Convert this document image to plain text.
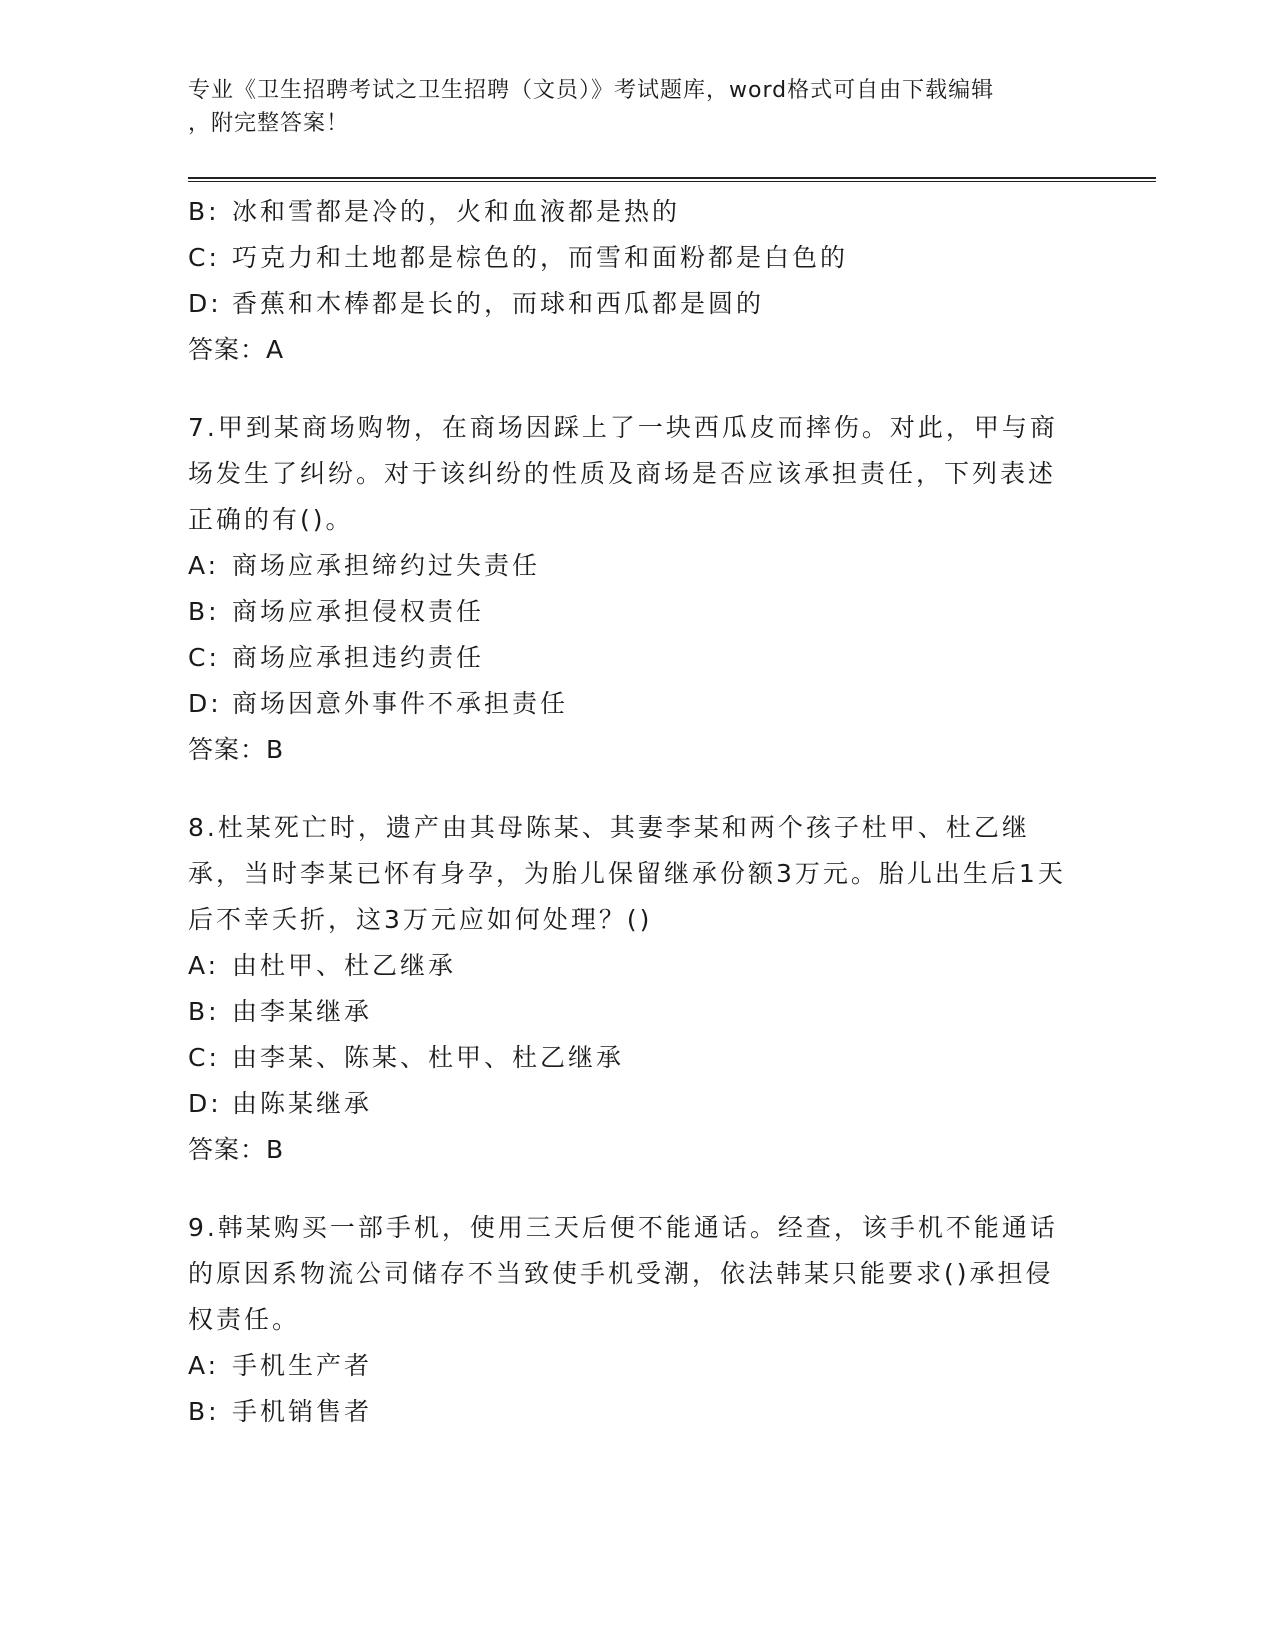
专业《卫生招聘考试之卫生招聘（文员）》考试题库，word格式可自由下载编辑
，附完整答案！
B: 冰和雪都是冷的，火和血液都是热的
C: 巧克力和土地都是棕色的，而雪和面粉都是白色的
D: 香蕉和木棒都是长的，而球和西瓜都是圆的
答案：A
7.甲到某商场购物，在商场因踩上了一块西瓜皮而摔伤。对此，甲与商场发生了纠纷。对于该纠纷的性质及商场是否应该承担责任，下列表述正确的有()。
A: 商场应承担缔约过失责任
B: 商场应承担侵权责任
C: 商场应承担违约责任
D: 商场因意外事件不承担责任
答案：B
8.杜某死亡时，遗产由其母陈某、其妻李某和两个孩子杜甲、杜乙继承，当时李某已怀有身孕，为胎儿保留继承份额3万元。胎儿出生后1天后不幸夭折，这3万元应如何处理？()
A: 由杜甲、杜乙继承
B: 由李某继承
C: 由李某、陈某、杜甲、杜乙继承
D: 由陈某继承
答案：B
9.韩某购买一部手机，使用三天后便不能通话。经查，该手机不能通话的原因系物流公司储存不当致使手机受潮，依法韩某只能要求()承担侵权责任。
A: 手机生产者
B: 手机销售者
